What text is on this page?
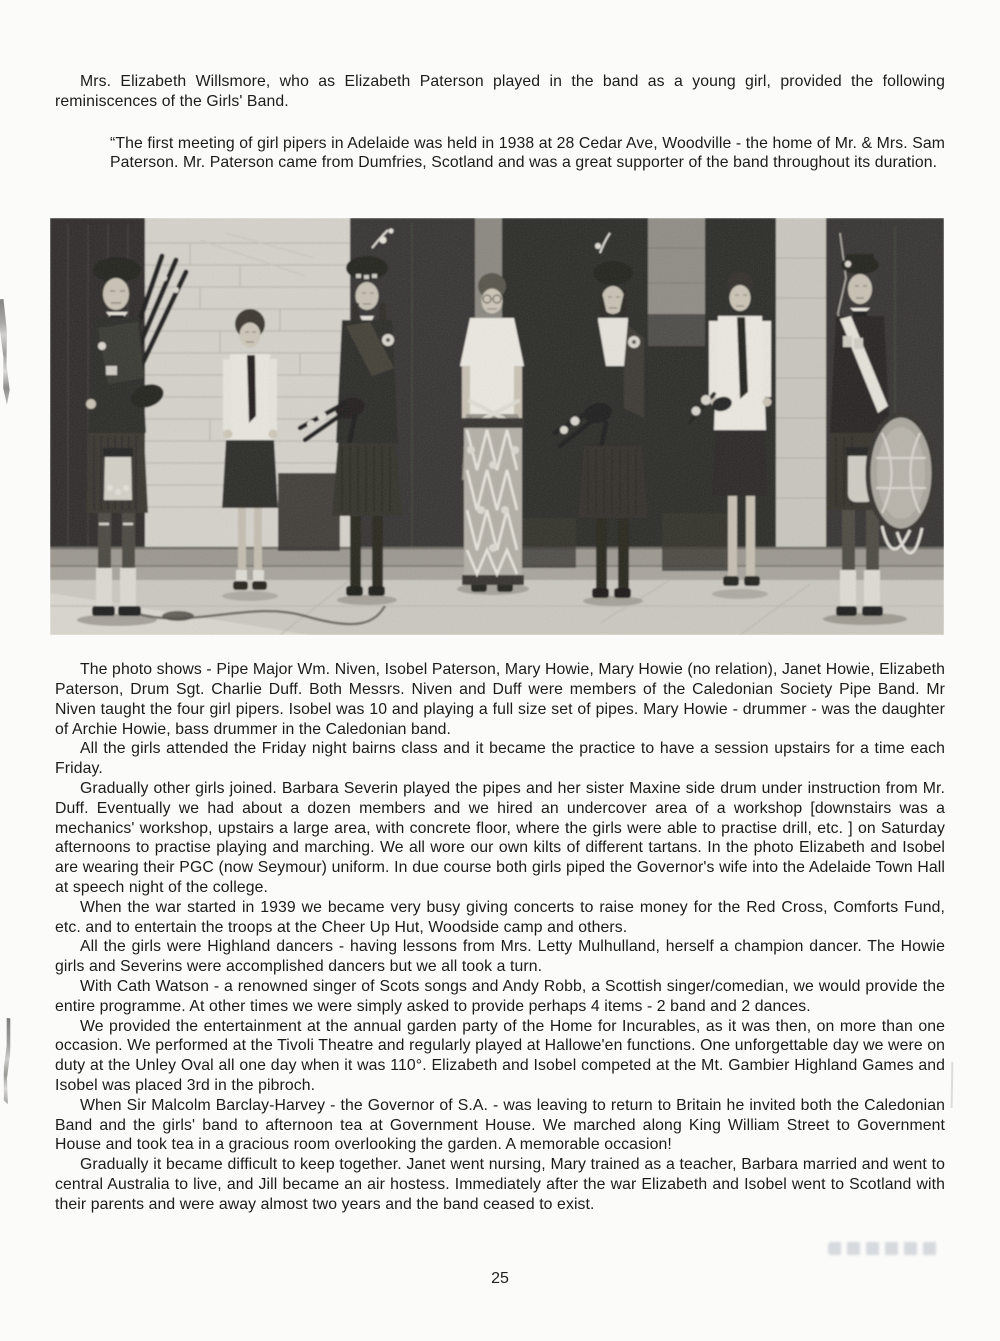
Mrs. Elizabeth Willsmore, who as Elizabeth Paterson played in the band as a young girl, provided the following reminiscences of the Girls' Band.

“The first meeting of girl pipers in Adelaide was held in 1938 at 28 Cedar Ave, Woodville - the home of Mr. & Mrs. Sam Paterson. Mr. Paterson came from Dumfries, Scotland and was a great supporter of the band throughout its duration.

The photo shows - Pipe Major Wm. Niven, Isobel Paterson, Mary Howie, Mary Howie (no relation), Janet Howie, Elizabeth Paterson, Drum Sgt. Charlie Duff. Both Messrs. Niven and Duff were members of the Caledonian Society Pipe Band. Mr Niven taught the four girl pipers. Isobel was 10 and playing a full size set of pipes. Mary Howie - drummer - was the daughter of Archie Howie, bass drummer in the Caledonian band.

All the girls attended the Friday night bairns class and it became the practice to have a session upstairs for a time each Friday.

Gradually other girls joined. Barbara Severin played the pipes and her sister Maxine side drum under instruction from Mr. Duff. Eventually we had about a dozen members and we hired an undercover area of a workshop [downstairs was a mechanics' workshop, upstairs a large area, with concrete floor, where the girls were able to practise drill, etc. ] on Saturday afternoons to practise playing and marching. We all wore our own kilts of different tartans. In the photo Elizabeth and Isobel are wearing their PGC (now Seymour) uniform. In due course both girls piped the Governor's wife into the Adelaide Town Hall at speech night of the college.

When the war started in 1939 we became very busy giving concerts to raise money for the Red Cross, Comforts Fund, etc. and to entertain the troops at the Cheer Up Hut, Woodside camp and others.

All the girls were Highland dancers - having lessons from Mrs. Letty Mulhulland, herself a champion dancer. The Howie girls and Severins were accomplished dancers but we all took a turn.

With Cath Watson - a renowned singer of Scots songs and Andy Robb, a Scottish singer/comedian, we would provide the entire programme. At other times we were simply asked to provide perhaps 4 items - 2 band and 2 dances.

We provided the entertainment at the annual garden party of the Home for Incurables, as it was then, on more than one occasion. We performed at the Tivoli Theatre and regularly played at Hallowe'en functions. One unforgettable day we were on duty at the Unley Oval all one day when it was 110°. Elizabeth and Isobel competed at the Mt. Gambier Highland Games and Isobel was placed 3rd in the pibroch.

When Sir Malcolm Barclay-Harvey - the Governor of S.A. - was leaving to return to Britain he invited both the Caledonian Band and the girls' band to afternoon tea at Government House. We marched along King William Street to Government House and took tea in a gracious room overlooking the garden. A memorable occasion!

Gradually it became difficult to keep together. Janet went nursing, Mary trained as a teacher, Barbara married and went to central Australia to live, and Jill became an air hostess. Immediately after the war Elizabeth and Isobel went to Scotland with their parents and were away almost two years and the band ceased to exist.

25
